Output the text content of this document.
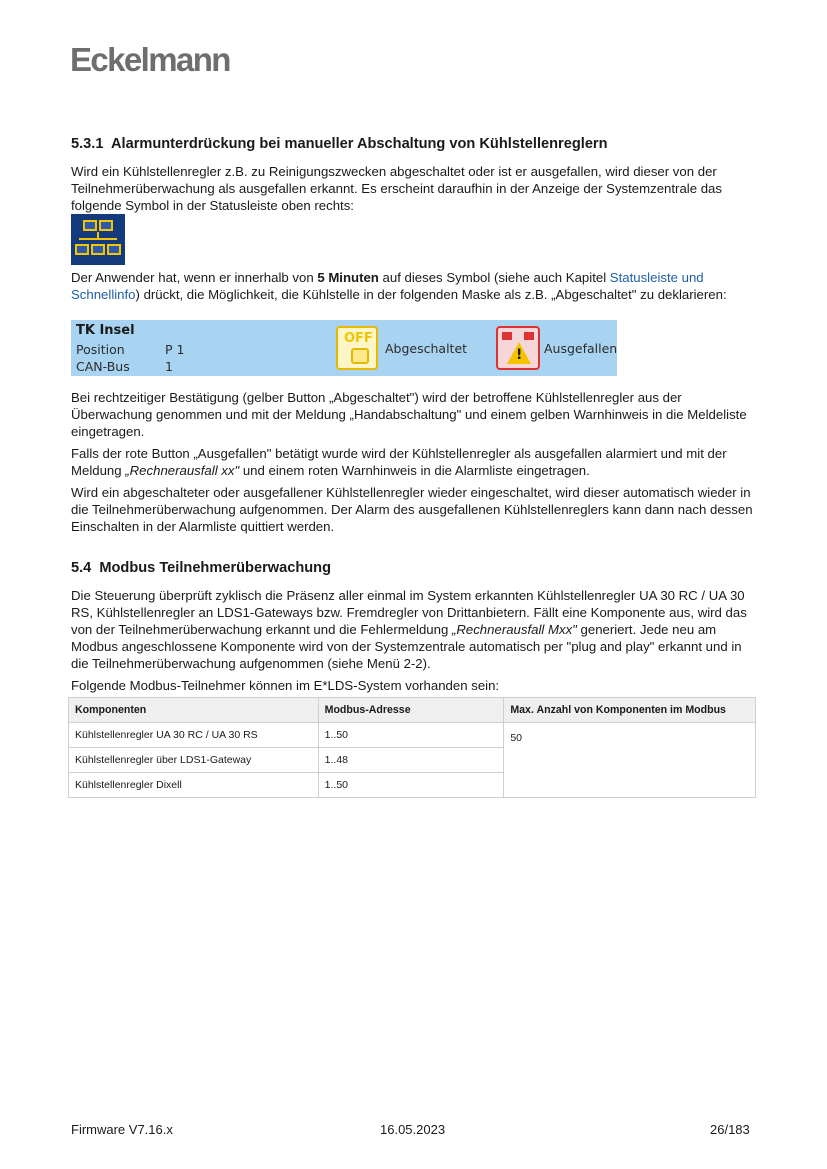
Eckelmann
5.3.1 Alarmunterdrückung bei manueller Abschaltung von Kühlstellenreglern

Wird ein Kühlstellenregler z.B. zu Reinigungszwecken abgeschaltet oder ist er ausgefallen, wird dieser von der Teilnehmerüberwachung als ausgefallen erkannt. Es erscheint daraufhin in der Anzeige der Systemzentrale das folgende Symbol in der Statusleiste oben rechts:

Der Anwender hat, wenn er innerhalb von 5 Minuten auf dieses Symbol (siehe auch Kapitel Statusleiste und Schnellinfo) drückt, die Möglichkeit, die Kühlstelle in der folgenden Maske als z.B. „Abgeschaltet" zu deklarieren:

TK Insel
Position	P 1
CAN-Bus	1
OFF
Abgeschaltet	! Ausgefallen

Bei rechtzeitiger Bestätigung (gelber Button „Abgeschaltet") wird der betroffene Kühlstellenregler aus der Überwachung genommen und mit der Meldung „Handabschaltung" und einem gelben Warnhinweis in die Meldeliste eingetragen.

Falls der rote Button „Ausgefallen" betätigt wurde wird der Kühlstellenregler als ausgefallen alarmiert und mit der Meldung „Rechnerausfall xx" und einem roten Warnhinweis in die Alarmliste eingetragen.

Wird ein abgeschalteter oder ausgefallener Kühlstellenregler wieder eingeschaltet, wird dieser automatisch wieder in die Teilnehmerüberwachung aufgenommen. Der Alarm des ausgefallenen Kühlstellenreglers kann dann nach dessen Einschalten in der Alarmliste quittiert werden.

5.4 Modbus Teilnehmerüberwachung

Die Steuerung überprüft zyklisch die Präsenz aller einmal im System erkannten Kühlstellenregler UA 30 RC / UA 30 RS, Kühlstellenregler an LDS1-Gateways bzw. Fremdregler von Drittanbietern. Fällt eine Komponente aus, wird das von der Teilnehmerüberwachung erkannt und die Fehlermeldung „Rechnerausfall Mxx" generiert. Jede neu am Modbus angeschlossene Komponente wird von der Systemzentrale automatisch per "plug and play" erkannt und in die Teilnehmerüberwachung aufgenommen (siehe Menü 2-2).

Folgende Modbus-Teilnehmer können im E*LDS-System vorhanden sein:

Komponenten	Modbus-Adresse	Max. Anzahl von Komponenten im Modbus
Kühlstellenregler UA 30 RC / UA 30 RS	1..50	50
Kühlstellenregler über LDS1-Gateway	1..48	
Kühlstellenregler Dixell	1..50	
Firmware V7.16.x	16.05.2023	26/183
